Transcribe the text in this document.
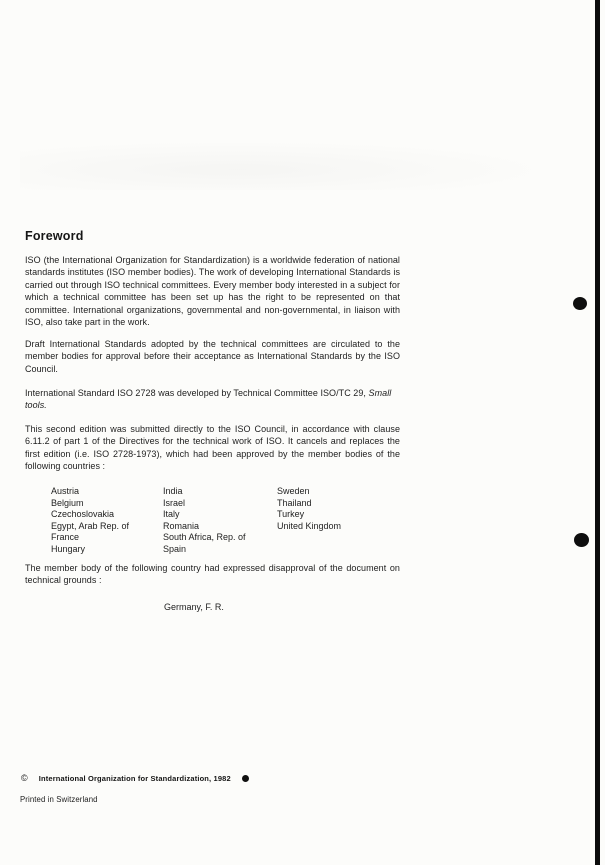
Foreword

ISO (the International Organization for Standardization) is a worldwide federation of national standards institutes (ISO member bodies). The work of developing International Standards is carried out through ISO technical committees. Every member body interested in a subject for which a technical committee has been set up has the right to be represented on that committee. International organizations, governmental and non-governmental, in liaison with ISO, also take part in the work.

Draft International Standards adopted by the technical committees are circulated to the member bodies for approval before their acceptance as International Standards by the ISO Council.

International Standard ISO 2728 was developed by Technical Committee ISO/TC 29, Small tools.

This second edition was submitted directly to the ISO Council, in accordance with clause 6.11.2 of part 1 of the Directives for the technical work of ISO. It cancels and replaces the first edition (i.e. ISO 2728-1973), which had been approved by the member bodies of the following countries :

Austria
Belgium
Czechoslovakia
Egypt, Arab Rep. of
France
Hungary
India
Israel
Italy
Romania
South Africa, Rep. of
Spain
Sweden
Thailand
Turkey
United Kingdom

The member body of the following country had expressed disapproval of the document on technical grounds :

Germany, F. R.

© International Organization for Standardization, 1982

Printed in Switzerland
